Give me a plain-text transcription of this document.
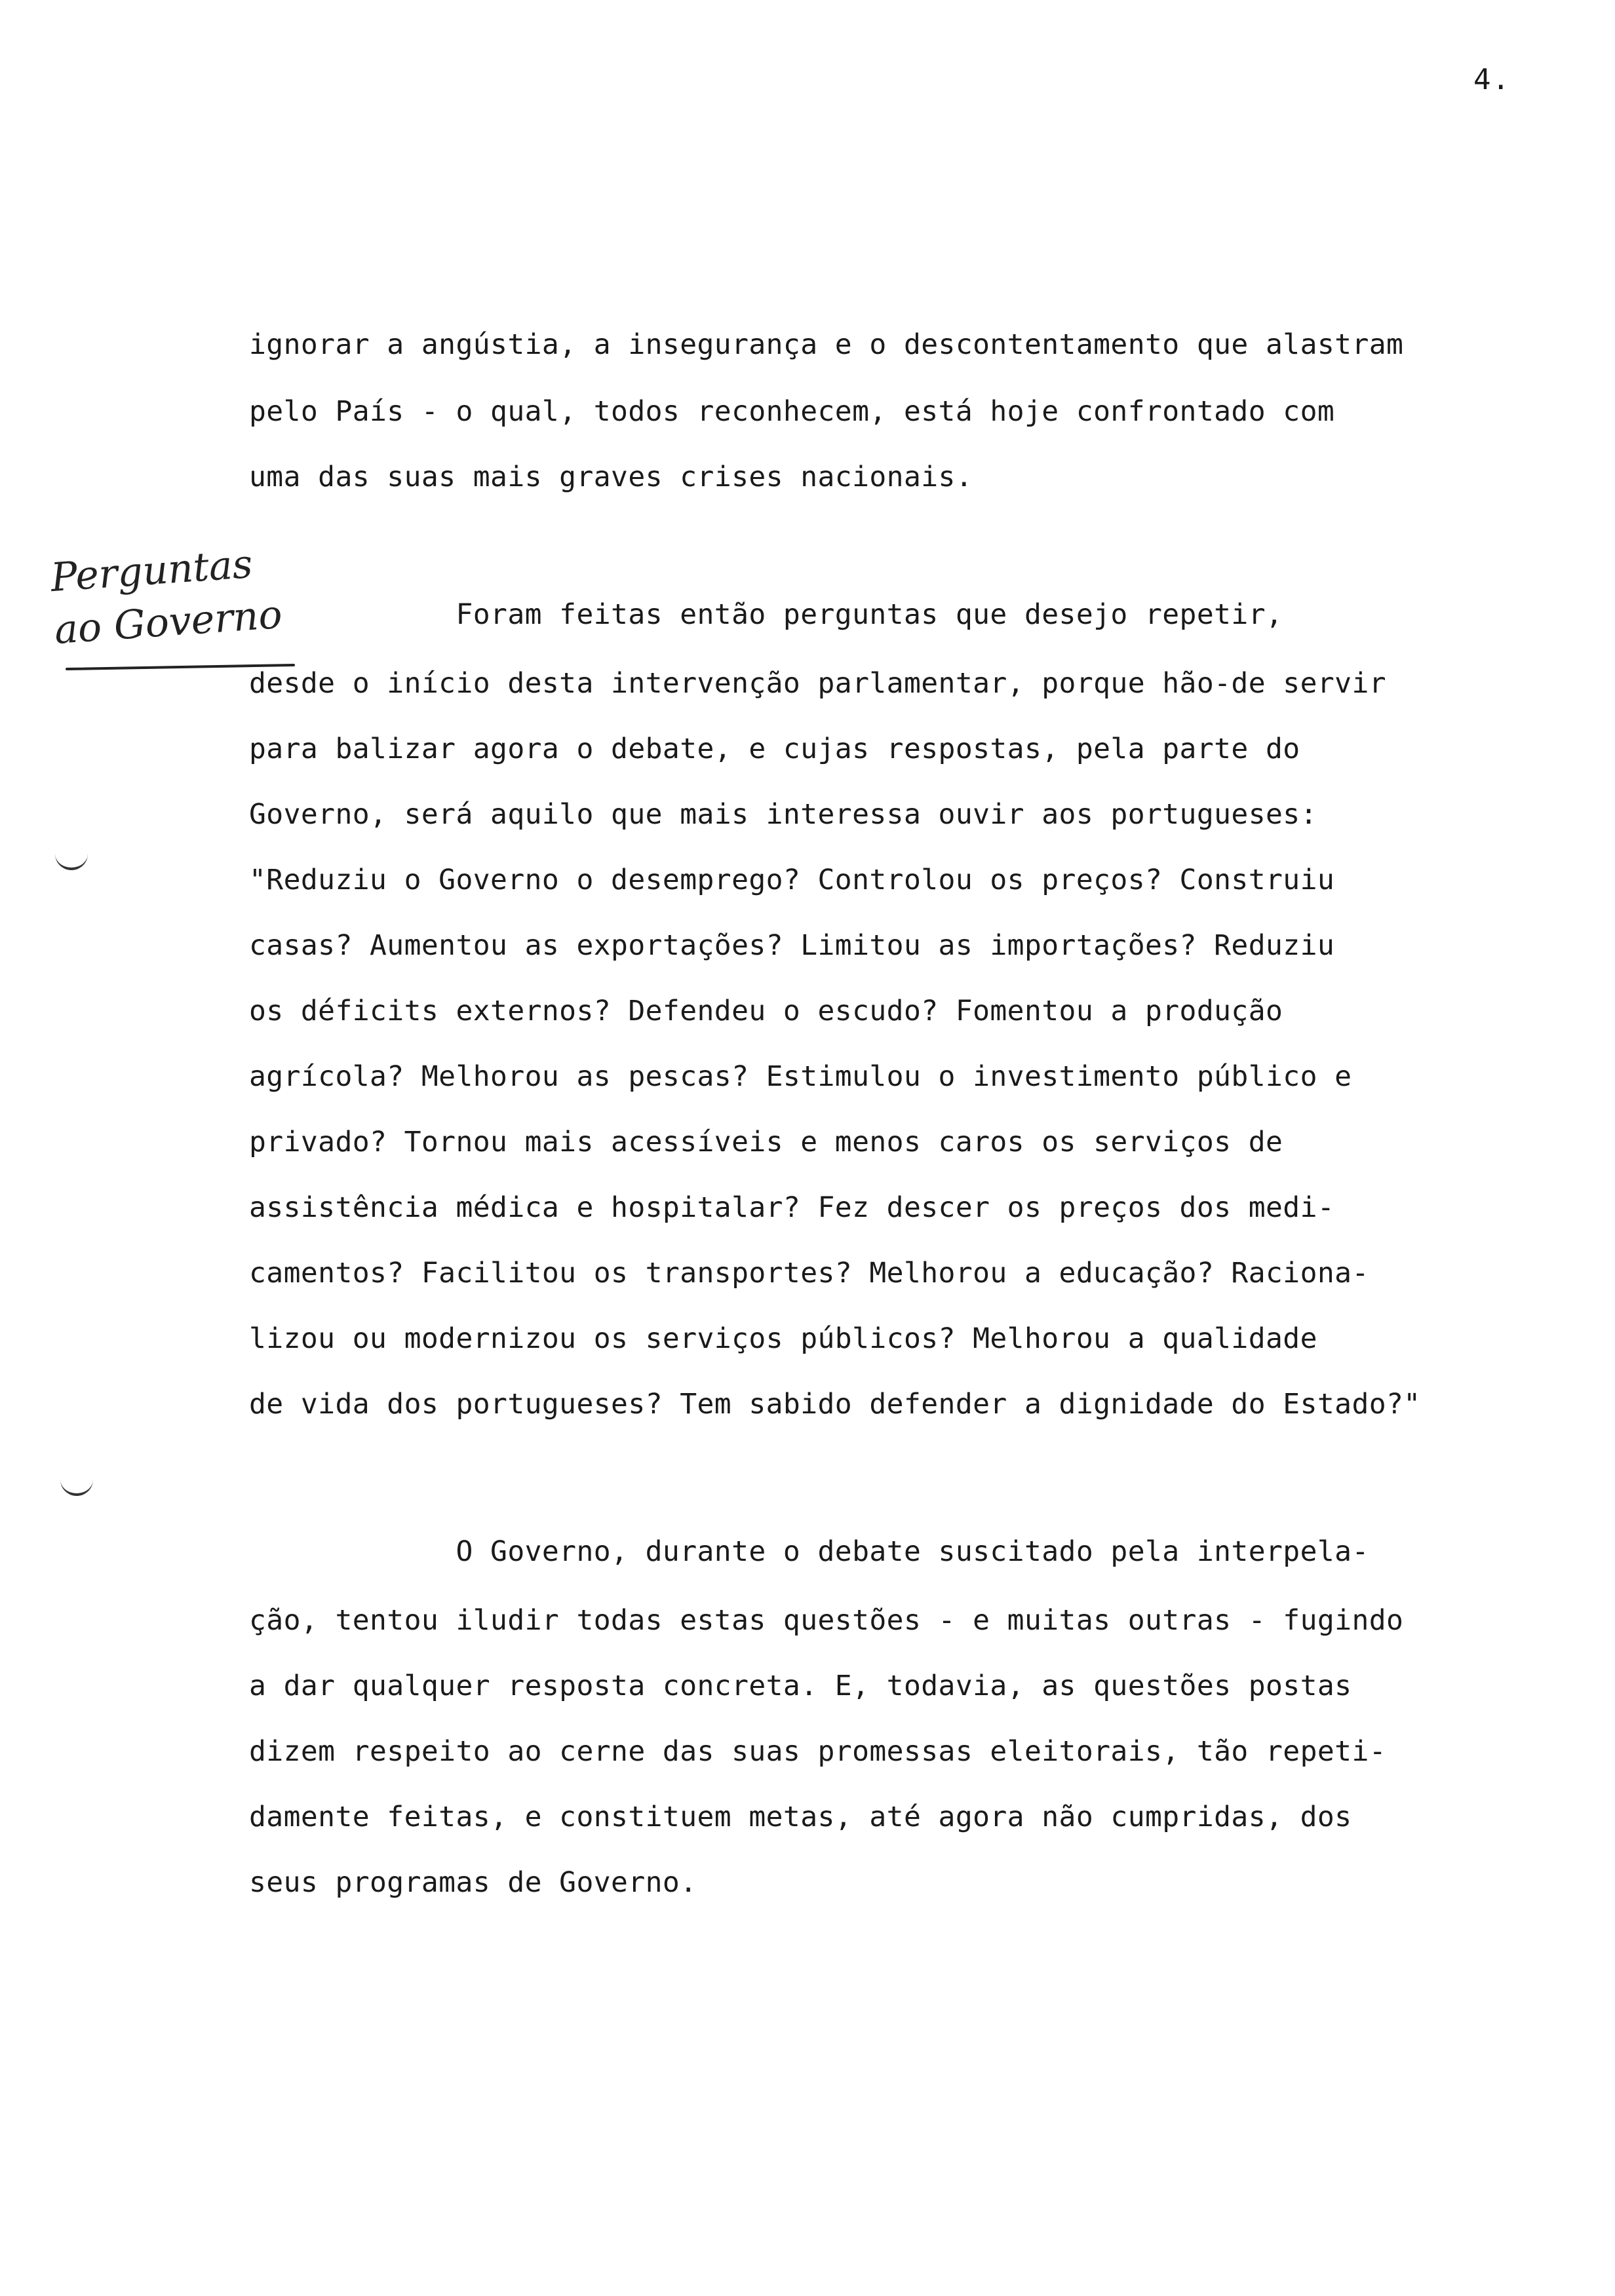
4.
Perguntas
ao Governo
ignorar a angústia, a insegurança e o descontentamento que alastram
pelo País - o qual, todos reconhecem, está hoje confrontado com
uma das suas mais graves crises nacionais.
Foram feitas então perguntas que desejo repetir,
desde o início desta intervenção parlamentar, porque hão-de servir
para balizar agora o debate, e cujas respostas, pela parte do
Governo, será aquilo que mais interessa ouvir aos portugueses:
"Reduziu o Governo o desemprego? Controlou os preços? Construiu
casas? Aumentou as exportações? Limitou as importações? Reduziu
os déficits externos? Defendeu o escudo? Fomentou a produção
agrícola? Melhorou as pescas? Estimulou o investimento público e
privado? Tornou mais acessíveis e menos caros os serviços de
assistência médica e hospitalar? Fez descer os preços dos medi-
camentos? Facilitou os transportes? Melhorou a educação? Raciona-
lizou ou modernizou os serviços públicos? Melhorou a qualidade
de vida dos portugueses? Tem sabido defender a dignidade do Estado?"
O Governo, durante o debate suscitado pela interpela-
ção, tentou iludir todas estas questões - e muitas outras - fugindo
a dar qualquer resposta concreta. E, todavia, as questões postas
dizem respeito ao cerne das suas promessas eleitorais, tão repeti-
damente feitas, e constituem metas, até agora não cumpridas, dos
seus programas de Governo.
